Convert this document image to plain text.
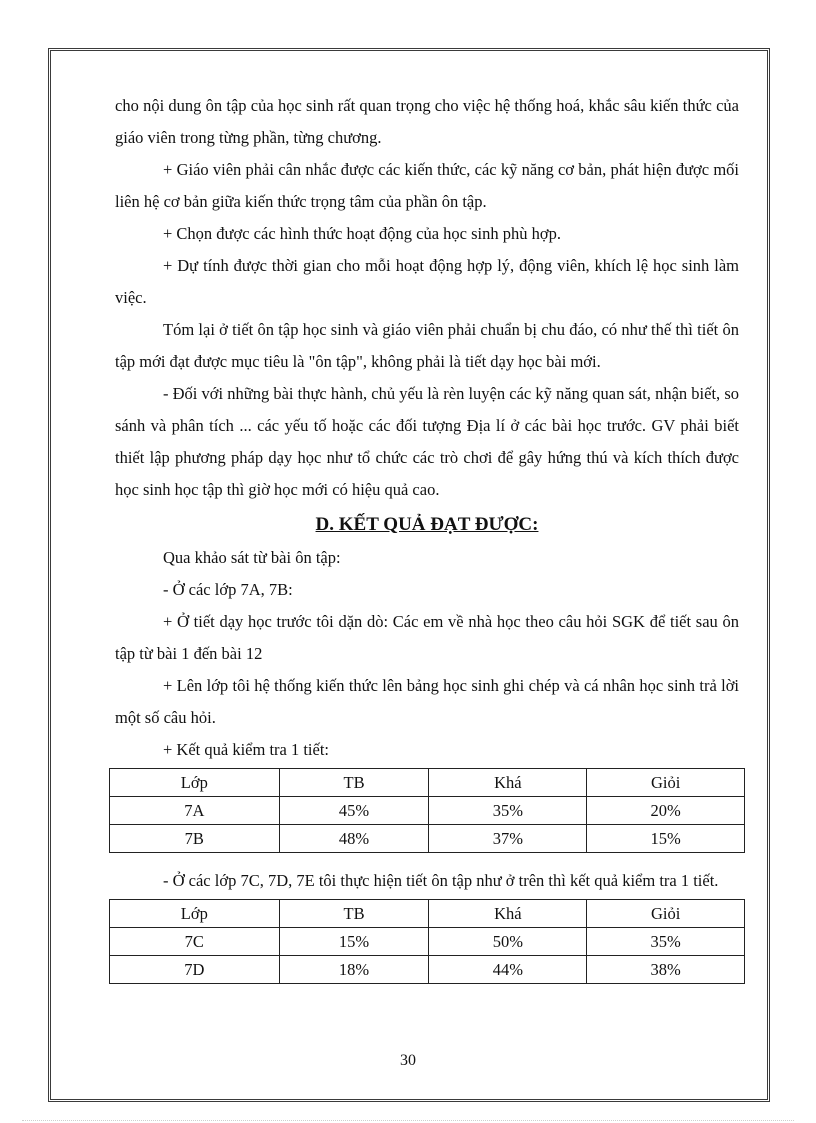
cho nội dung ôn tập của học sinh rất quan trọng cho việc hệ thống hoá, khắc sâu kiến thức của giáo viên trong từng phần, từng chương.

+ Giáo viên phải cân nhắc được các kiến thức, các kỹ năng cơ bản, phát hiện được mối liên hệ cơ bản giữa kiến thức trọng tâm của phần ôn tập.

+ Chọn được các hình thức hoạt động của học sinh phù hợp.

+ Dự tính được thời gian cho mỗi hoạt động hợp lý, động viên, khích lệ học sinh làm việc.

Tóm lại ở tiết ôn tập học sinh và giáo viên phải chuẩn bị chu đáo, có như thế thì tiết ôn tập mới đạt được mục tiêu là "ôn tập", không phải là tiết dạy học bài mới.

- Đối với những bài thực hành, chủ yếu là rèn luyện các kỹ năng quan sát, nhận biết, so sánh và phân tích ... các yếu tố hoặc các đối tượng Địa lí ở các bài học trước. GV phải biết thiết lập phương pháp dạy học như tổ chức các trò chơi để gây hứng thú và kích thích được học sinh học tập thì giờ học mới có hiệu quả cao.

D. KẾT QUẢ ĐẠT ĐƯỢC:

Qua khảo sát từ bài ôn tập:

- Ở các lớp 7A, 7B:

+ Ở tiết dạy học trước tôi dặn dò: Các em về nhà học theo câu hỏi SGK để tiết sau ôn tập từ bài 1 đến bài 12

+ Lên lớp tôi hệ thống kiến thức lên bảng học sinh ghi chép và cá nhân học sinh trả lời một số câu hỏi.

+ Kết quả kiểm tra 1 tiết:

Lớp	TB	Khá	Giỏi
7A	45%	35%	20%
7B	48%	37%	15%

- Ở các lớp 7C, 7D, 7E tôi thực hiện tiết ôn tập như ở trên thì kết quả kiểm tra 1 tiết.

Lớp	TB	Khá	Giỏi
7C	15%	50%	35%
7D	18%	44%	38%
30
